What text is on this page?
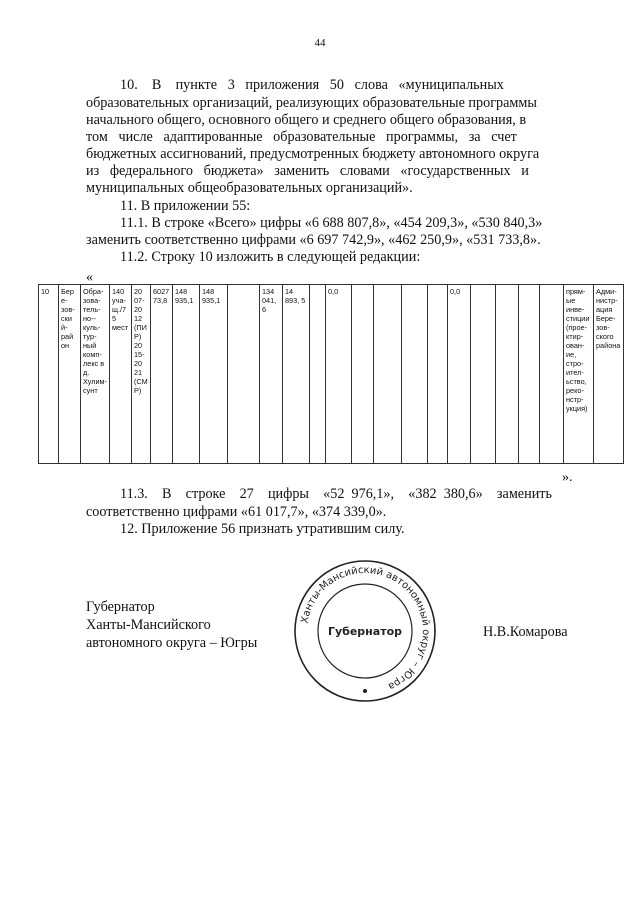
44
10.    В    пункте   3   приложения   50   слова   «муниципальных
образовательных организаций, реализующих образовательные программы
начального общего, основного общего и среднего общего образования, в
том   числе   адаптированные   образовательные   программы,   за   счет
бюджетных ассигнований, предусмотренных бюджету автономного округа
из   федерального   бюджета»   заменить   словами   «государственных   и
муниципальных общеобразовательных организаций».
11. В приложении 55:
11.1. В строке «Всего» цифры «6 688 807,8», «454 209,3», «530 840,3»
заменить соответственно цифрами «6 697 742,9», «462 250,9», «531 733,8».
11.2. Строку 10 изложить в следующей редакции:
«
10	Березовскийрайон	Образовательно-культурный комплекс в д. Хулимсунт	140 учащ./75 мест	2007-2012 (ПИР) 2015-2021 (СМР)	6027 73,8	148 935,1	148 935,1		134 041,6	14 893, 5		0,0					0,0					прямые инвестиции (проектирование, строительство, реконструкция)	Администрация Березовского района
».
11.3.    В    строке    27    цифры    «52  976,1»,    «382  380,6»    заменить
соответственно цифрами «61 017,7», «374 339,0».
12. Приложение 56 признать утратившим силу.
Губернатор
Ханты-Мансийского
автономного округа – Югры
Ханты-Мансийский автономный округ – Югра
Губернатор	Н.В.Комарова
